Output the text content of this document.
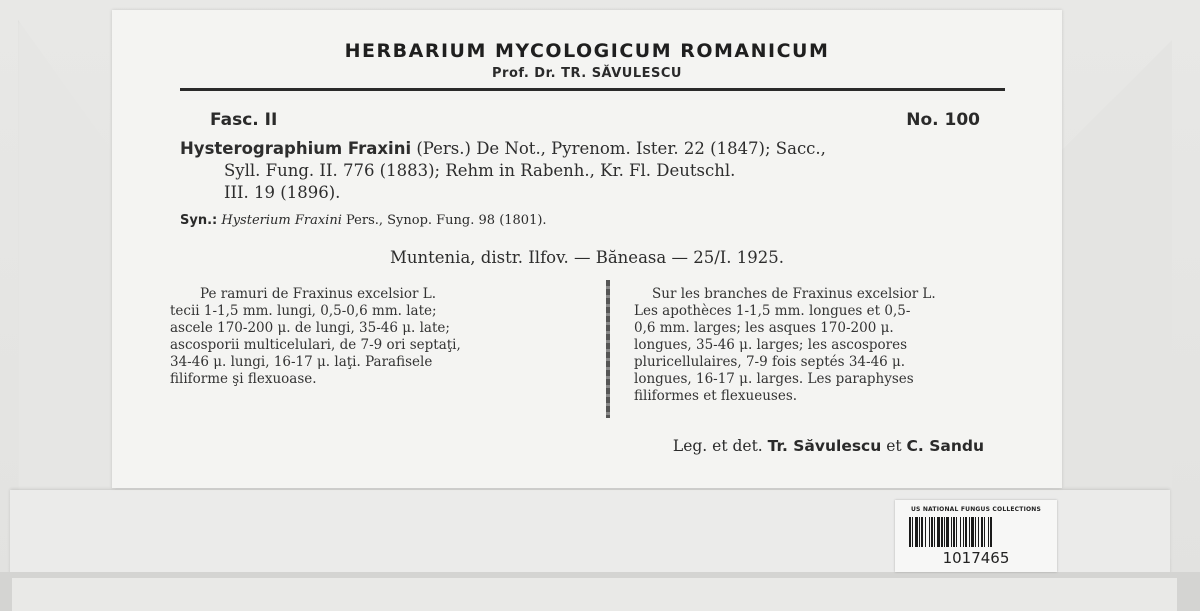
HERBARIUM MYCOLOGICUM ROMANICUM
Prof. Dr. TR. SĂVULESCU
Fasc. II	No. 100
Hysterographium Fraxini (Pers.) De Not., Pyrenom. Ister. 22 (1847); Sacc.,
Syll. Fung. II. 776 (1883); Rehm in Rabenh., Kr. Fl. Deutschl.
III. 19 (1896).
Syn.: Hysterium Fraxini Pers., Synop. Fung. 98 (1801).
Muntenia, distr. Ilfov. — Băneasa — 25/I. 1925.
Pe ramuri de Fraxinus excelsior L.
tecii 1-1,5 mm. lungi, 0,5-0,6 mm. late;
ascele 170-200 μ. de lungi, 35-46 μ. late;
ascosporii multicelulari, de 7-9 ori septaţi,
34-46 μ. lungi, 16-17 μ. laţi. Parafisele
filiforme şi flexuoase.
Sur les branches de Fraxinus excelsior L.
Les apothèces 1-1,5 mm. longues et 0,5-
0,6 mm. larges; les asques 170-200 μ.
longues, 35-46 μ. larges; les ascospores
pluricellulaires, 7-9 fois septés 34-46 μ.
longues, 16-17 μ. larges. Les paraphyses
filiformes et flexueuses.
Leg. et det. Tr. Săvulescu et C. Sandu
US NATIONAL FUNGUS COLLECTIONS
1017465
